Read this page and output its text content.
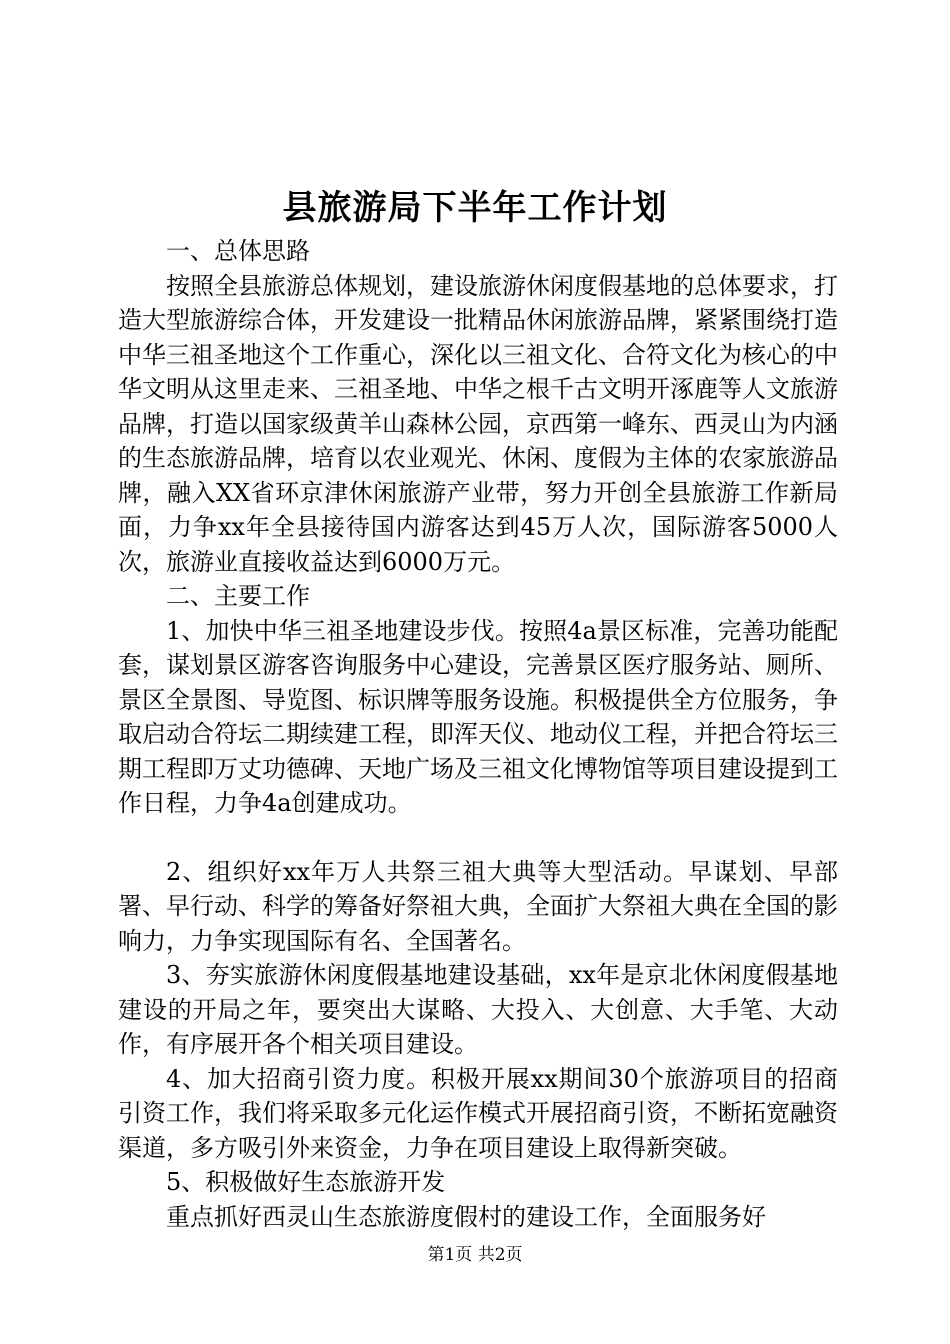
县旅游局下半年工作计划

一、总体思路

按照全县旅游总体规划，建设旅游休闲度假基地的总体要求，打造大型旅游综合体，开发建设一批精品休闲旅游品牌，紧紧围绕打造中华三祖圣地这个工作重心，深化以三祖文化、合符文化为核心的中华文明从这里走来、三祖圣地、中华之根千古文明开涿鹿等人文旅游品牌，打造以国家级黄羊山森林公园，京西第一峰东、西灵山为内涵的生态旅游品牌，培育以农业观光、休闲、度假为主体的农家旅游品牌，融入XX省环京津休闲旅游产业带，努力开创全县旅游工作新局面，力争xx年全县接待国内游客达到45万人次，国际游客5000人次，旅游业直接收益达到6000万元。

二、主要工作

1、加快中华三祖圣地建设步伐。按照4a景区标准，完善功能配套，谋划景区游客咨询服务中心建设，完善景区医疗服务站、厕所、景区全景图、导览图、标识牌等服务设施。积极提供全方位服务，争取启动合符坛二期续建工程，即浑天仪、地动仪工程，并把合符坛三期工程即万丈功德碑、天地广场及三祖文化博物馆等项目建设提到工作日程，力争4a创建成功。

2、组织好xx年万人共祭三祖大典等大型活动。早谋划、早部署、早行动、科学的筹备好祭祖大典，全面扩大祭祖大典在全国的影响力，力争实现国际有名、全国著名。

3、夯实旅游休闲度假基地建设基础，xx年是京北休闲度假基地建设的开局之年，要突出大谋略、大投入、大创意、大手笔、大动作，有序展开各个相关项目建设。

4、加大招商引资力度。积极开展xx期间30个旅游项目的招商引资工作，我们将采取多元化运作模式开展招商引资，不断拓宽融资渠道，多方吸引外来资金，力争在项目建设上取得新突破。

5、积极做好生态旅游开发

重点抓好西灵山生态旅游度假村的建设工作，全面服务好

第1页 共2页
